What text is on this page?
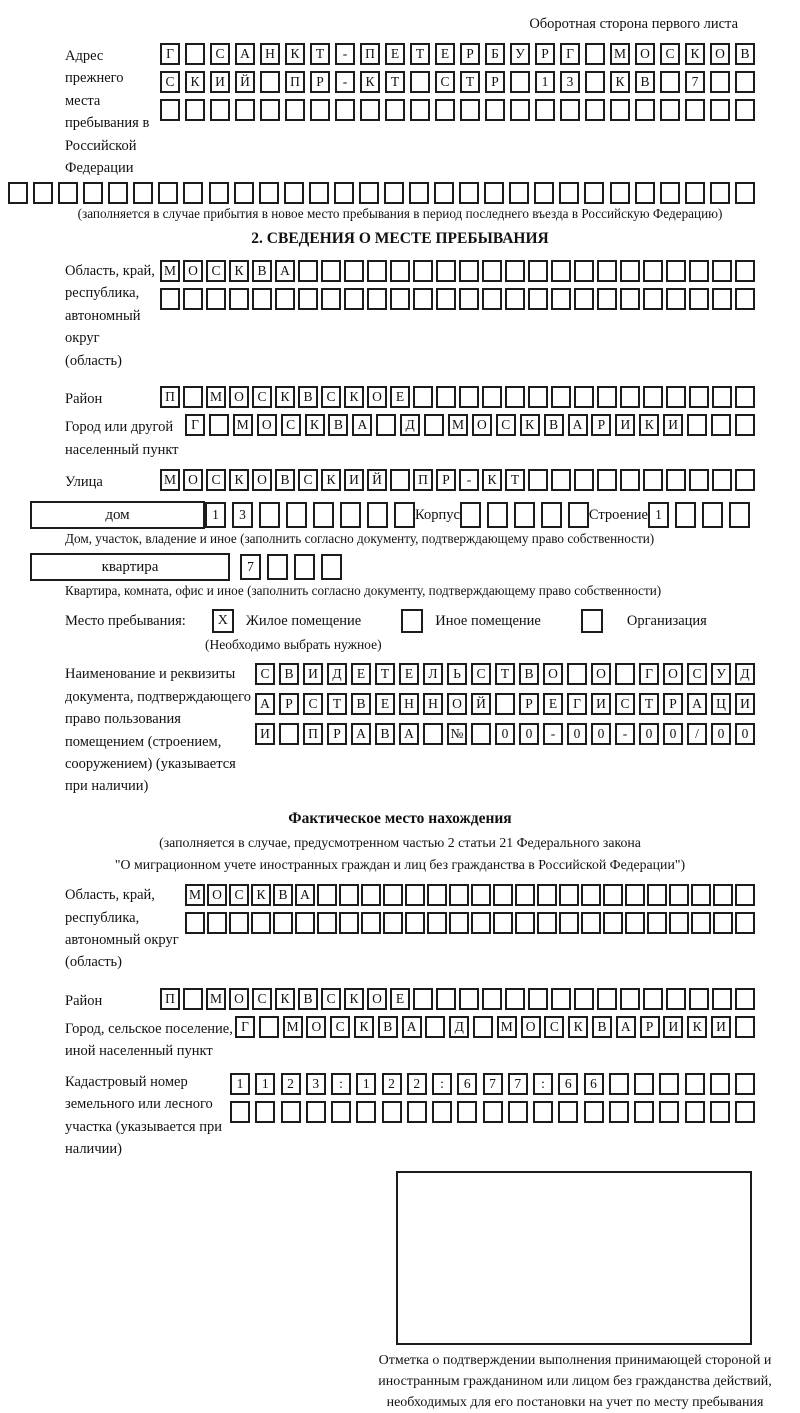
Оборотная сторона первого листа
Адрес прежнего места пребывания в Российской Федерации
Г	С	А	Н	К	Т	-	П	Е	Т	Е	Р	Б	У	Р	Г	М	О	С	К	О	В
С	К	И	Й	П	Р	-	К	Т	С	Т	Р	1	3	К	В	7
(заполняется в случае прибытия в новое место пребывания в период последнего въезда в Российскую Федерацию)
2. СВЕДЕНИЯ О МЕСТЕ ПРЕБЫВАНИЯ
Область, край, республика, автономный округ (область)
М О	С	К	В	А
Район	П	М О	С	К	В	С	К	О	Е
Город или другой населенный пункт
Г	М О	С	К	В	А	Д	М О	С	К	В	А	Р	И	К	И
Улица	М О	С	К	О	В	С	К	И Й	П	Р	-	К	Т
дом	1	3	Корпус	Строение 1
Дом, участок, владение и иное (заполнить согласно документу, подтверждающему право собственности)
квартира	7
Квартира, комната, офис и иное (заполнить согласно документу, подтверждающему право собственности)
Место пребывания:	Х	Жилое помещение	Иное помещение	Организация
(Необходимо выбрать нужное)
Наименование и реквизиты документа, подтверждающего право пользования помещением (строением, сооружением) (указывается при наличии)
С	В	И	Д	Е	Т	Е	Л	Ь	С	Т	В	О	О	Г	О	С	У	Д
А	Р	С	Т	В	Е	Н	Н	О	Й	Р	Е	Г	И	С	Т	Р	А	Ц	И
И	П	Р	А	В	А	№	0	0	-	0	0	-	0	0	/	0	0
Фактическое место нахождения
(заполняется в случае, предусмотренном частью 2 статьи 21 Федерального закона
"О миграционном учете иностранных граждан и лиц без гражданства в Российской Федерации")
Область, край, республика, автономный округ (область)
М О С К В А
Район	П	М О	С	К	В	С	К	О	Е
Город, сельское поселение, иной населенный пункт
Г	М О	С	К	В	А	Д	М О	С	К	В	А	Р	И	К	И
Кадастровый номер земельного или лесного участка (указывается при наличии)
1	1	2	3	:	1	2	2	:	6	7	7	:	6	6
Отметка о подтверждении выполнения принимающей стороной и иностранным гражданином или лицом без гражданства действий, необходимых для его постановки на учет по месту пребывания
